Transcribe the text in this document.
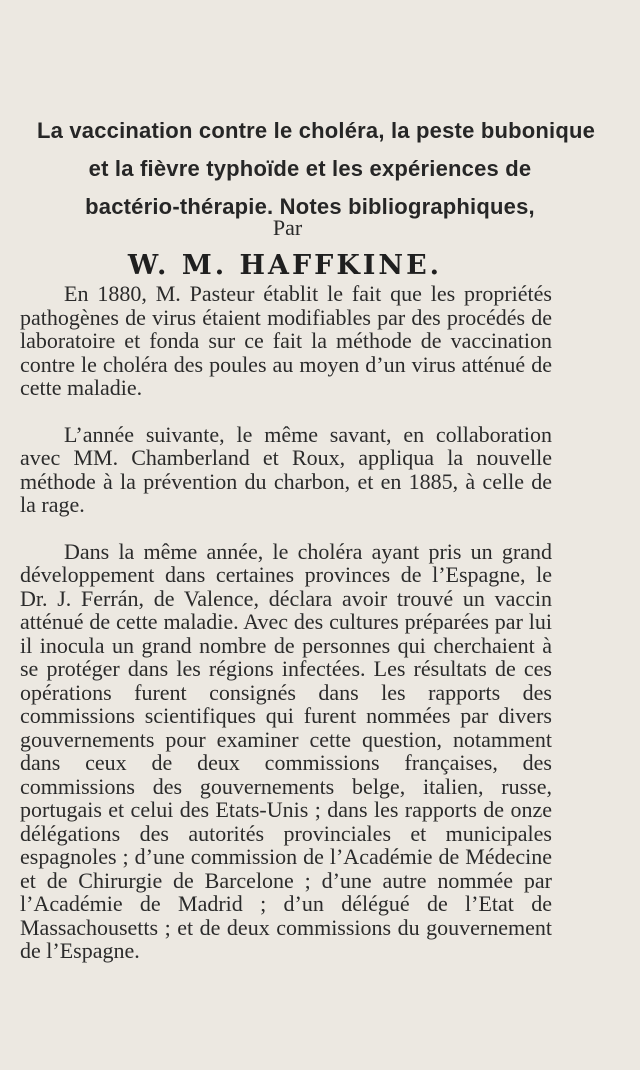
La vaccination contre le choléra, la peste bubonique
et la fièvre typhoïde et les expériences de
bactério-thérapie. Notes bibliographiques,
Par
W. M. HAFFKINE.

En 1880, M. Pasteur établit le fait que les propriétés pathogènes de virus étaient modifiables par des procédés de laboratoire et fonda sur ce fait la méthode de vaccination contre le choléra des poules au moyen d’un virus atténué de cette maladie.

L’année suivante, le même savant, en collaboration avec MM. Chamberland et Roux, appliqua la nouvelle méthode à la prévention du charbon, et en 1885, à celle de la rage.

Dans la même année, le choléra ayant pris un grand développement dans certaines provinces de l’Espagne, le Dr. J. Ferrán, de Valence, déclara avoir trouvé un vaccin atténué de cette maladie. Avec des cultures préparées par lui il inocula un grand nombre de personnes qui cherchaient à se protéger dans les régions infectées. Les résultats de ces opérations furent consignés dans les rapports des commissions scientifiques qui furent nommées par divers gouvernements pour examiner cette question, notamment dans ceux de deux commissions françaises, des commissions des gouvernements belge, italien, russe, portugais et celui des Etats-Unis ; dans les rapports de onze délégations des autorités provinciales et municipales espagnoles ; d’une commission de l’Académie de Médecine et de Chirurgie de Barcelone ; d’une autre nommée par l’Académie de Madrid ; d’un délégué de l’Etat de Massachousetts ; et de deux commissions du gouvernement de l’Espagne.
